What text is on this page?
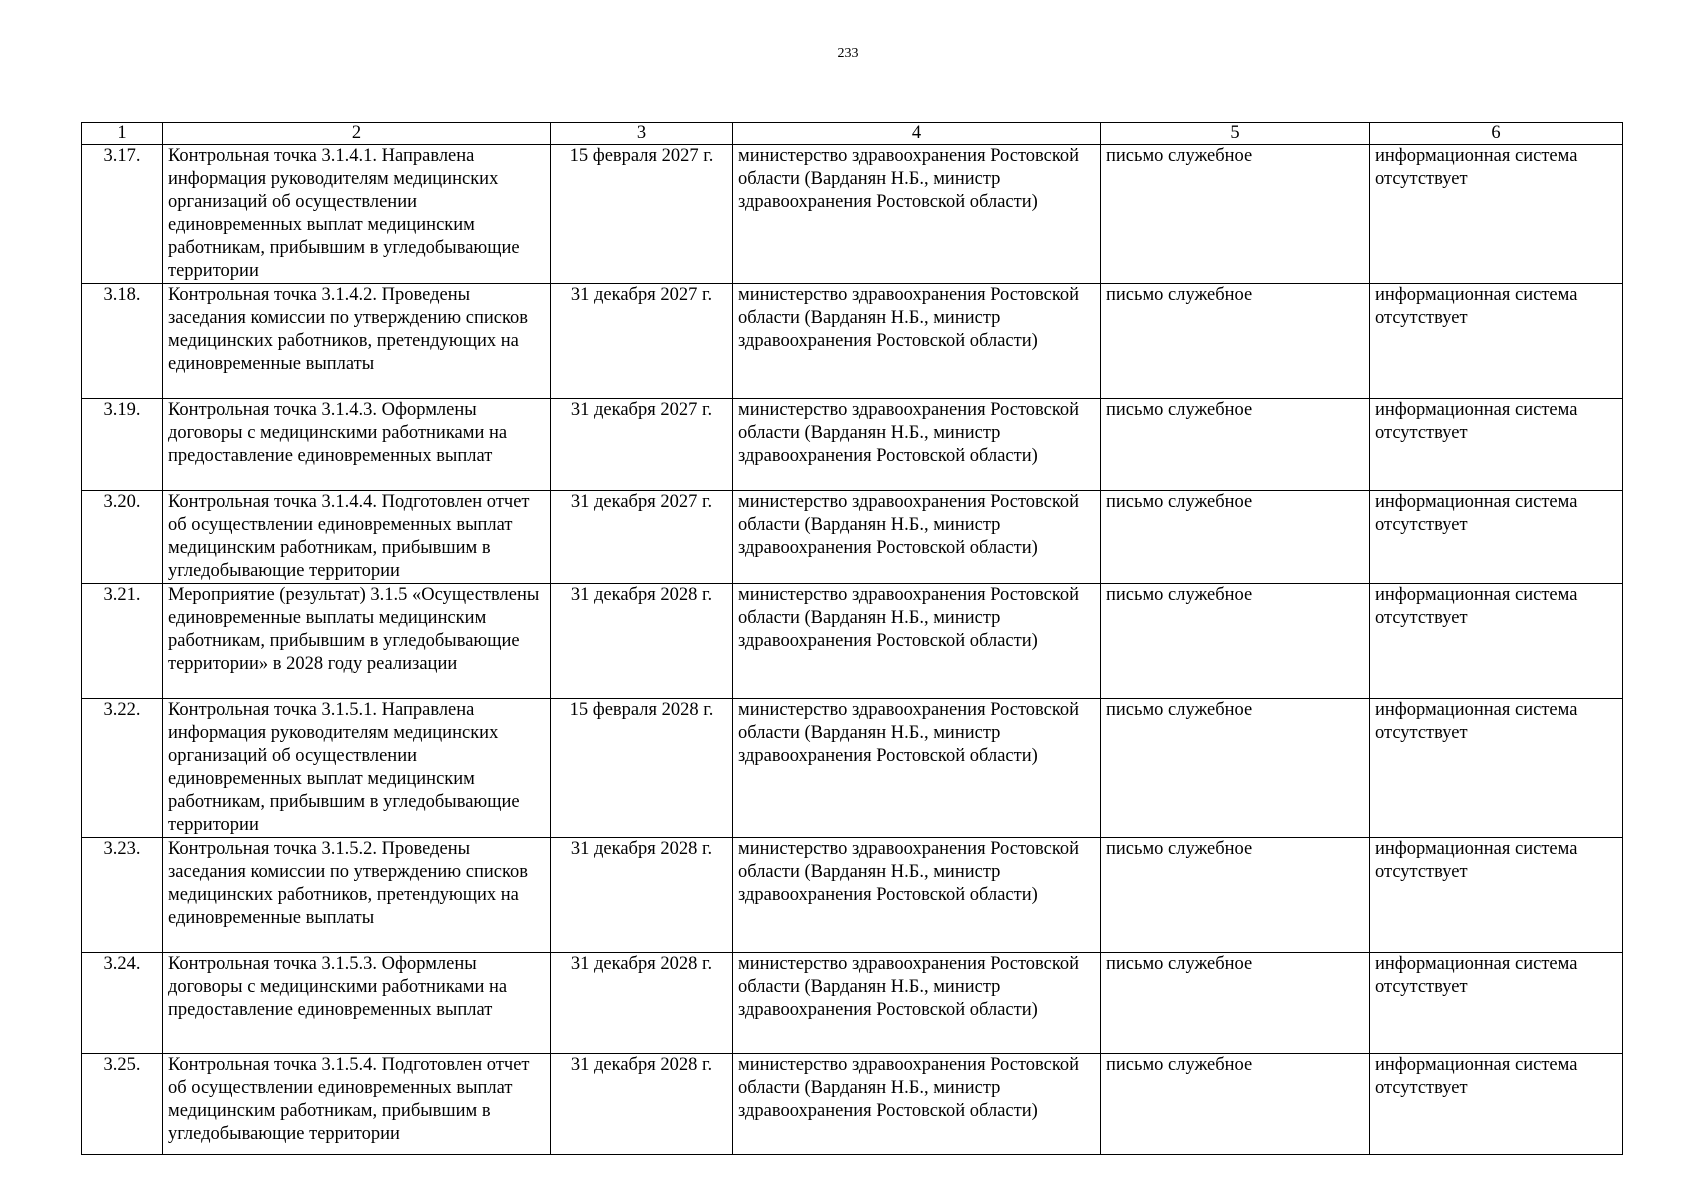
233
1	2	3	4	5	6
3.17.	Контрольная точка 3.1.4.1. Направлена информация руководителям медицинских организаций об осуществлении единовременных выплат медицинским работникам, прибывшим в угледобывающие территории	15 февраля 2027 г.	министерство здравоохранения Ростовской области (Варданян Н.Б., министр здравоохранения Ростовской области)	письмо служебное	информационная система отсутствует
3.18.	Контрольная точка 3.1.4.2. Проведены заседания комиссии по утверждению списков медицинских работников, претендующих на единовременные выплаты	31 декабря 2027 г.	министерство здравоохранения Ростовской области (Варданян Н.Б., министр здравоохранения Ростовской области)	письмо служебное	информационная система отсутствует
3.19.	Контрольная точка 3.1.4.3. Оформлены договоры с медицинскими работниками на предоставление единовременных выплат	31 декабря 2027 г.	министерство здравоохранения Ростовской области (Варданян Н.Б., министр здравоохранения Ростовской области)	письмо служебное	информационная система отсутствует
3.20.	Контрольная точка 3.1.4.4. Подготовлен отчет об осуществлении единовременных выплат медицинским работникам, прибывшим в угледобывающие территории	31 декабря 2027 г.	министерство здравоохранения Ростовской области (Варданян Н.Б., министр здравоохранения Ростовской области)	письмо служебное	информационная система отсутствует
3.21.	Мероприятие (результат) 3.1.5 «Осуществлены единовременные выплаты медицинским работникам, прибывшим в угледобывающие территории» в 2028 году реализации	31 декабря 2028 г.	министерство здравоохранения Ростовской области (Варданян Н.Б., министр здравоохранения Ростовской области)	письмо служебное	информационная система отсутствует
3.22.	Контрольная точка 3.1.5.1. Направлена информация руководителям медицинских организаций об осуществлении единовременных выплат медицинским работникам, прибывшим в угледобывающие территории	15 февраля 2028 г.	министерство здравоохранения Ростовской области (Варданян Н.Б., министр здравоохранения Ростовской области)	письмо служебное	информационная система отсутствует
3.23.	Контрольная точка 3.1.5.2. Проведены заседания комиссии по утверждению списков медицинских работников, претендующих на единовременные выплаты	31 декабря 2028 г.	министерство здравоохранения Ростовской области (Варданян Н.Б., министр здравоохранения Ростовской области)	письмо служебное	информационная система отсутствует
3.24.	Контрольная точка 3.1.5.3. Оформлены договоры с медицинскими работниками на предоставление единовременных выплат	31 декабря 2028 г.	министерство здравоохранения Ростовской области (Варданян Н.Б., министр здравоохранения Ростовской области)	письмо служебное	информационная система отсутствует
3.25.	Контрольная точка 3.1.5.4. Подготовлен отчет об осуществлении единовременных выплат медицинским работникам, прибывшим в угледобывающие территории	31 декабря 2028 г.	министерство здравоохранения Ростовской области (Варданян Н.Б., министр здравоохранения Ростовской области)	письмо служебное	информационная система отсутствует
